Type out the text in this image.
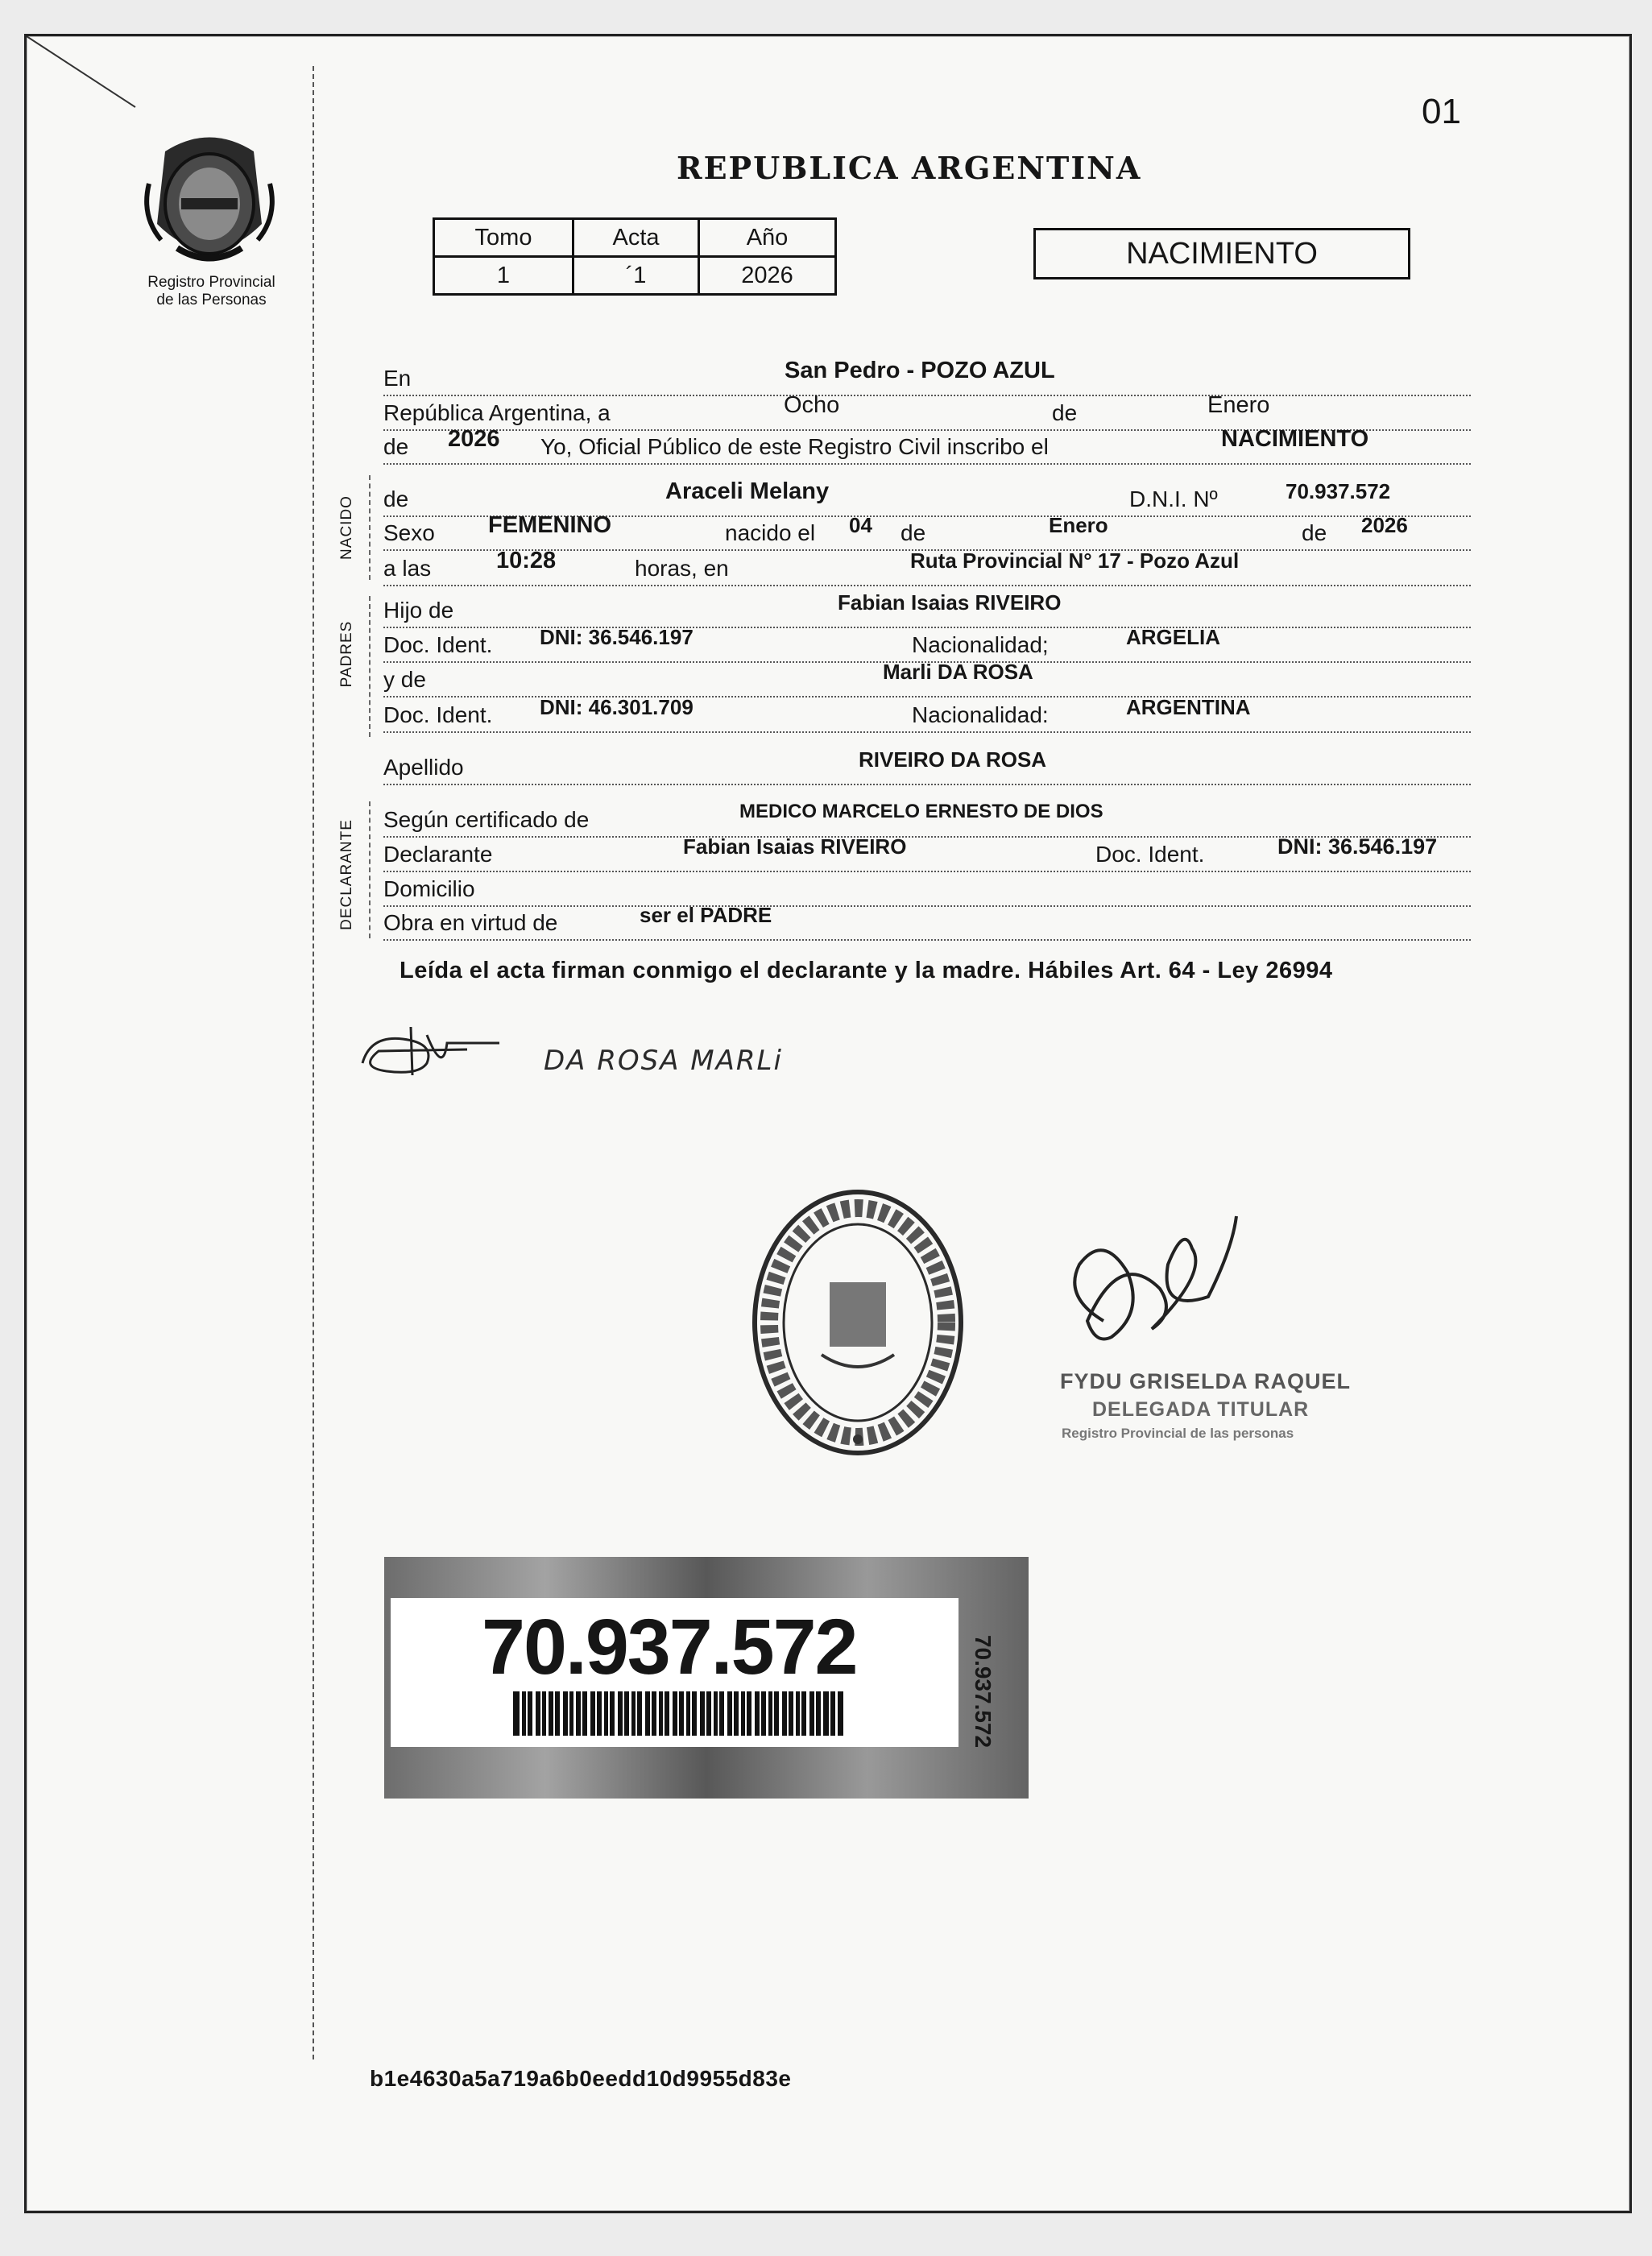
01
Registro Provincial
de las Personas
REPUBLICA ARGENTINA
Tomo	Acta	Año
1	´1	2026
NACIMIENTO
En	San Pedro - POZO AZUL
República Argentina, a	Ocho	de	Enero
de 2026 Yo, Oficial Público de este Registro Civil inscribo el	NACIMIENTO
NACIDO de	Araceli Melany	D.N.I. Nº	70.937.572
Sexo FEMENINO	nacido el 04 de	Enero	de 2026
a las	10:28	horas, en	Ruta Provincial N° 17 - Pozo Azul
PADRES
Hijo de	Fabian Isaias RIVEIRO
Doc. Ident. DNI: 36.546.197	Nacionalidad;	ARGELIA
y de	Marli DA ROSA
Doc. Ident. DNI: 46.301.709	Nacionalidad:	ARGENTINA
Apellido	RIVEIRO DA ROSA
DECLARANTE Según certificado de	MEDICO MARCELO ERNESTO DE DIOS
Declarante	Fabian Isaias RIVEIRO	Doc. Ident.	DNI: 36.546.197
Domicilio
Obra en virtud de	ser el PADRE
Leída el acta firman conmigo el declarante y la madre. Hábiles Art. 64 - Ley 26994
DA ROSA MARLi
FYDU GRISELDA RAQUEL
DELEGADA TITULAR
Registro Provincial de las personas
70.937.572	70.937.572
b1e4630a5a719a6b0eedd10d9955d83e
